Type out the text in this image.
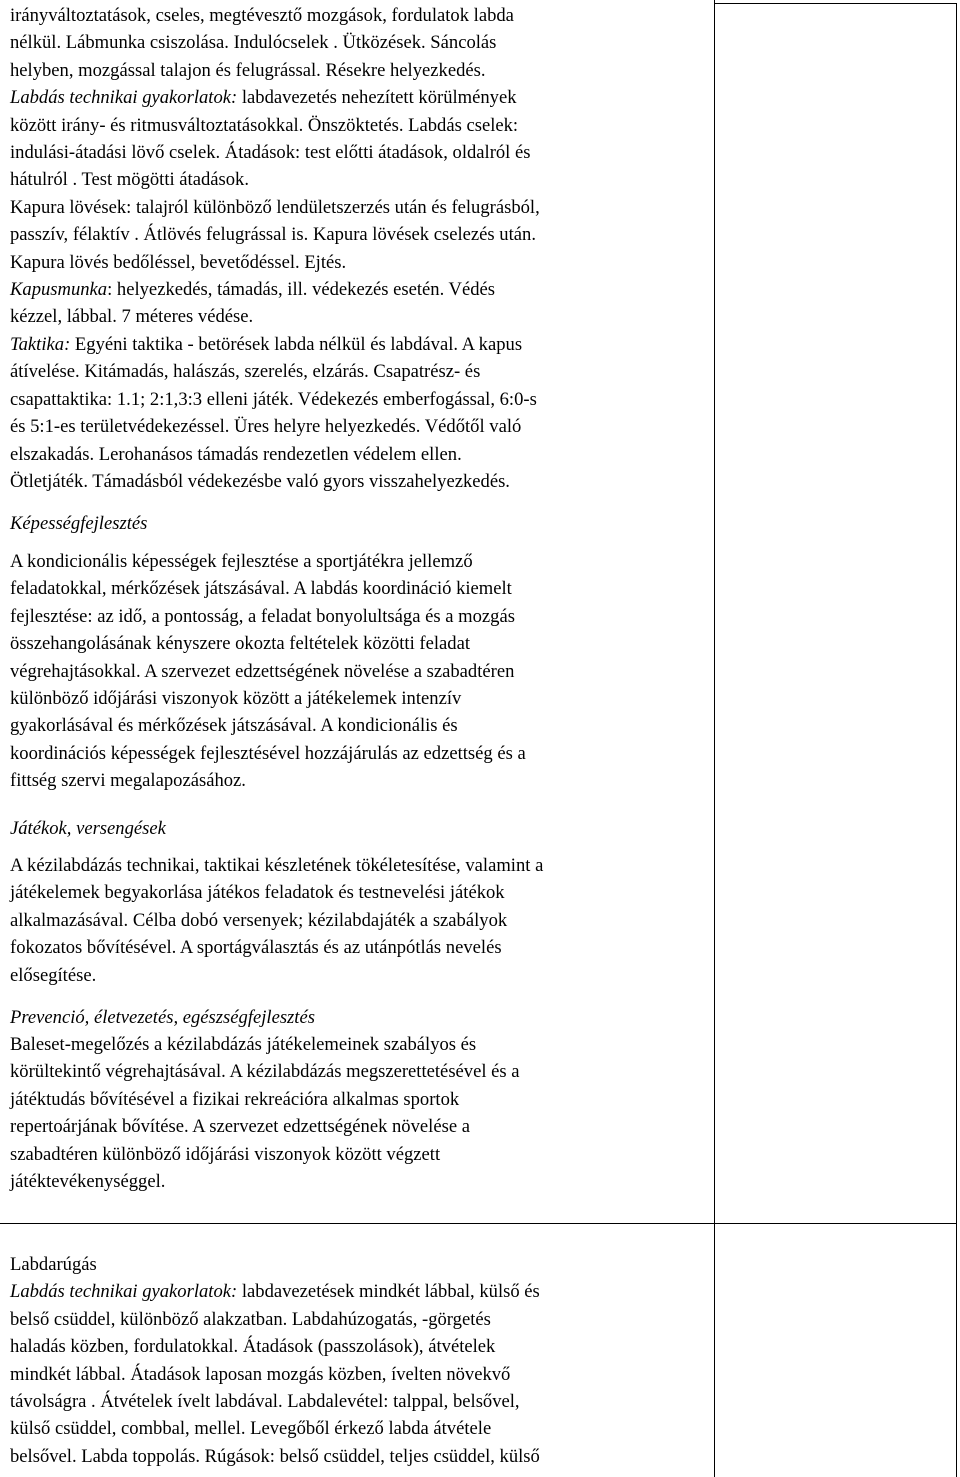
irányváltoztatások, cseles, megtévesztő mozgások, fordulatok labda
nélkül. Lábmunka csiszolása. Indulócselek . Ütközések. Sáncolás
helyben, mozgással talajon és felugrással. Résekre helyezkedés.
Labdás technikai gyakorlatok: labdavezetés nehezített körülmények
között irány- és ritmusváltoztatásokkal. Önszöktetés. Labdás cselek:
indulási-átadási lövő cselek. Átadások: test előtti átadások, oldalról és
hátulról . Test mögötti átadások.
Kapura lövések: talajról különböző lendületszerzés után és felugrásból,
passzív, félaktív . Átlövés felugrással is. Kapura lövések cselezés után.
Kapura lövés bedőléssel, bevetődéssel. Ejtés.
Kapusmunka: helyezkedés, támadás, ill. védekezés esetén. Védés
kézzel, lábbal. 7 méteres védése.
Taktika: Egyéni taktika - betörések labda nélkül és labdával. A kapus
átívelése. Kitámadás, halászás, szerelés, elzárás. Csapatrész- és
csapattaktika: 1.1; 2:1,3:3 elleni játék. Védekezés emberfogással, 6:0-s
és 5:1-es területvédekezéssel. Üres helyre helyezkedés. Védőtől való
elszakadás. Lerohanásos támadás rendezetlen védelem ellen.
Ötletjáték. Támadásból védekezésbe való gyors visszahelyezkedés.
Képességfejlesztés
A kondicionális képességek fejlesztése a sportjátékra jellemző
feladatokkal, mérkőzések játszásával. A labdás koordináció kiemelt
fejlesztése: az idő, a pontosság, a feladat bonyolultsága és a mozgás
összehangolásának kényszere okozta feltételek közötti feladat
végrehajtásokkal. A szervezet edzettségének növelése a szabadtéren
különböző időjárási viszonyok között a játékelemek intenzív
gyakorlásával és mérkőzések játszásával. A kondicionális és
koordinációs képességek fejlesztésével hozzájárulás az edzettség és a
fittség szervi megalapozásához.
Játékok, versengések
A kézilabdázás technikai, taktikai készletének tökéletesítése, valamint a
játékelemek begyakorlása játékos feladatok és testnevelési játékok
alkalmazásával. Célba dobó versenyek; kézilabdajáték a szabályok
fokozatos bővítésével. A sportágválasztás és az utánpótlás nevelés
elősegítése.
Prevenció, életvezetés, egészségfejlesztés
Baleset-megelőzés a kézilabdázás játékelemeinek szabályos és
körültekintő végrehajtásával. A kézilabdázás megszerettetésével és a
játéktudás bővítésével a fizikai rekreációra alkalmas sportok
repertoárjának bővítése. A szervezet edzettségének növelése a
szabadtéren különböző időjárási viszonyok között végzett
játéktevékenységgel.
Labdarúgás
Labdás technikai gyakorlatok: labdavezetések mindkét lábbal, külső és
belső csüddel, különböző alakzatban. Labdahúzogatás, -görgetés
haladás közben, fordulatokkal. Átadások (passzolások), átvételek
mindkét lábbal. Átadások laposan mozgás közben, ívelten növekvő
távolságra . Átvételek ívelt labdával. Labdalevétel: talppal, belsővel,
külső csüddel, combbal, mellel. Levegőből érkező labda átvétele
belsővel. Labda toppolás. Rúgások: belső csüddel, teljes csüddel, külső
